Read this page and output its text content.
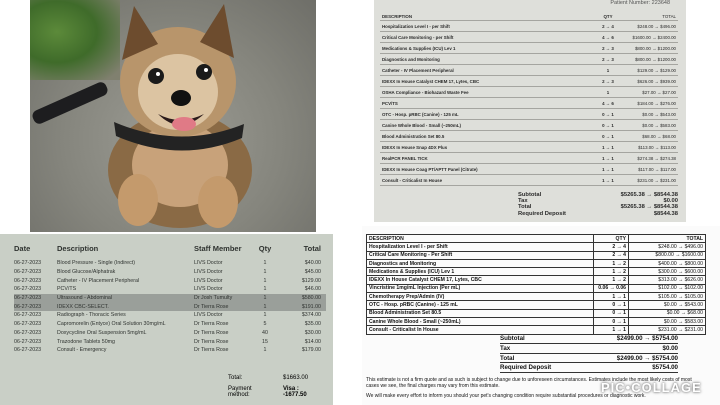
Patient Number: 223648
DESCRIPTION	QTY	TOTAL
Hospitalization Level I - per Shift	2 → 4	$248.00 → $496.00
Critical Care Monitoring - per Shift	4 → 6	$1600.00 → $2400.00
Medications & Supplies (ICU) Lev 1	2 → 3	$800.00 → $1200.00
Diagnostics and Monitoring	2 → 3	$800.00 → $1200.00
Catheter - IV Placement Peripheral	1	$129.00 → $129.00
IDEXX In House Catalyst CHEM 17, Lytes, CBC	2 → 3	$626.00 → $939.00
OSHA Compliance - Biohazard Waste Fee	1	$27.00 → $27.00
PCV/TS	4 → 6	$184.00 → $276.00
OTC - Hosp. pRBC (Canine) - 125 mL	0 → 1	$0.00 → $543.00
Canine Whole Blood - Small (~250mL)	0 → 1	$0.00 → $583.00
Blood Administration Set 80.5	0 → 1	$68.00 → $68.00
IDEXX In House Snap 4DX Plus	1 → 1	$113.00 → $113.00
RealPCR PANEL TICK	1 → 1	$274.38 → $274.38
IDEXX In House Coag PT/APTT Panel (Citrate)	1 → 1	$117.00 → $117.00
Consult - Criticalist In House	1 → 1	$231.00 → $231.00
Subtotal	$5265.38 → $8544.38
Tax	$0.00
Total	$5265.38 → $8544.38
Required Deposit	$8544.38
Date	Description	Staff Member	Qty	Total
06-27-2023	Blood Pressure - Single (Indirect)	LIVS Doctor	1	$40.00
06-27-2023	Blood Glucose/Alphatrak	LIVS Doctor	1	$45.00
06-27-2023	Catheter - IV Placement Peripheral	LIVS Doctor	1	$129.00
06-27-2023	PCV/TS	LIVS Doctor	1	$46.00
06-27-2023	Ultrasound - Abdominal	Dr Josh Tumulty	1	$580.00
06-27-2023	IDEXX CBC-SELECT.	Dr Tierra Rose	1	$191.00
06-27-2023	Radiograph - Thoracic Series	LIVS Doctor	1	$374.00
06-27-2023	Capromorelin (Entyce) Oral Solution 30mg/mL	Dr Tierra Rose	5	$35.00
06-27-2023	Doxycycline Oral Suspension 5mg/mL	Dr Tierra Rose	40	$30.00
06-27-2023	Trazodone Tablets 50mg	Dr Tierra Rose	15	$14.00
06-27-2023	Consult - Emergency	Dr Tierra Rose	1	$179.00
Total:	$1663.00
Payment method:
Visa : -1677.50
DESCRIPTION	QTY	TOTAL
Hospitalization Level I - per Shift	2 → 4	$248.00 → $496.00
Critical Care Monitoring - Per Shift	2 → 4	$800.00 → $1600.00
Diagnostics and Monitoring	1 → 2	$400.00 → $800.00
Medications & Supplies (ICU) Lev 1	1 → 2	$300.00 → $600.00
IDEXX In House Catalyst CHEM 17, Lytes, CBC	1 → 2	$313.00 → $626.00
Vincristine 1mg/mL Injection (Per mL)	0.06 → 0.06	$102.00 → $102.00
Chemotherapy Prep/Admin (IV)	1 → 1	$105.00 → $105.00
OTC - Hosp. pRBC (Canine) - 125 mL	0 → 1	$0.00 → $543.00
Blood Administration Set 80.5	0 → 1	$0.00 → $68.00
Canine Whole Blood - Small (~250mL)	0 → 1	$0.00 → $583.00
Consult - Criticalist In House	1 → 1	$231.00 → $231.00
Subtotal	$2499.00 → $5754.00
Tax	$0.00
Total	$2499.00 → $5754.00
Required Deposit	$5754.00
This estimate is not a firm quote and as such is subject to change due to unforeseen circumstances. Estimates include the most likely costs of most cases we see, the final charges may vary from this estimate.
We will make every effort to inform you should your pet's changing condition require substantial procedures or diagnostic work.
PIC•COLLAGE
